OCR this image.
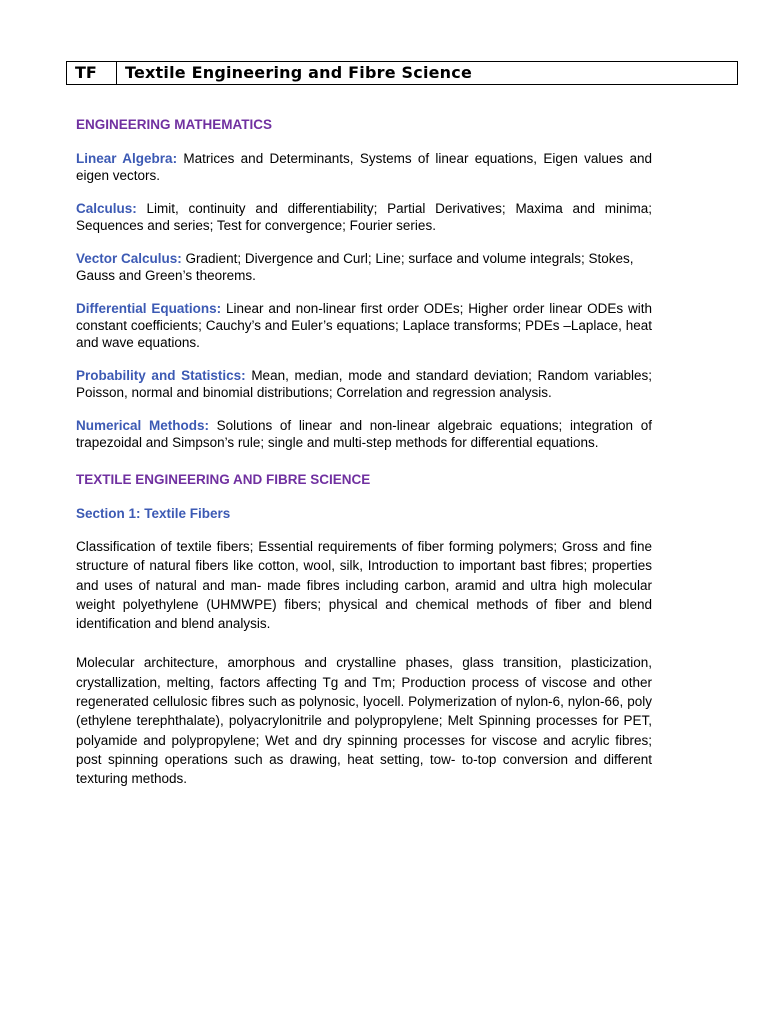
TF	Textile Engineering and Fibre Science

ENGINEERING MATHEMATICS

Linear Algebra: Matrices and Determinants, Systems of linear equations, Eigen values and eigen vectors.

Calculus: Limit, continuity and differentiability; Partial Derivatives; Maxima and minima; Sequences and series; Test for convergence; Fourier series.

Vector Calculus: Gradient; Divergence and Curl; Line; surface and volume integrals; Stokes, Gauss and Green’s theorems.

Differential Equations: Linear and non-linear first order ODEs; Higher order linear ODEs with constant coefficients; Cauchy’s and Euler’s equations; Laplace transforms; PDEs –Laplace, heat and wave equations.

Probability and Statistics: Mean, median, mode and standard deviation; Random variables; Poisson, normal and binomial distributions; Correlation and regression analysis.

Numerical Methods: Solutions of linear and non-linear algebraic equations; integration of trapezoidal and Simpson’s rule; single and multi-step methods for differential equations.

TEXTILE ENGINEERING AND FIBRE SCIENCE

Section 1: Textile Fibers

Classification of textile fibers; Essential requirements of fiber forming polymers; Gross and fine structure of natural fibers like cotton, wool, silk, Introduction to important bast fibres; properties and uses of natural and man- made fibres including carbon, aramid and ultra high molecular weight polyethylene (UHMWPE) fibers; physical and chemical methods of fiber and blend identification and blend analysis.

Molecular architecture, amorphous and crystalline phases, glass transition, plasticization, crystallization, melting, factors affecting Tg and Tm; Production process of viscose and other regenerated cellulosic fibres such as polynosic, lyocell. Polymerization of nylon-6, nylon-66, poly (ethylene terephthalate), polyacrylonitrile and polypropylene; Melt Spinning processes for PET, polyamide and polypropylene; Wet and dry spinning processes for viscose and acrylic fibres; post spinning operations such as drawing, heat setting, tow- to-top conversion and different texturing methods.
